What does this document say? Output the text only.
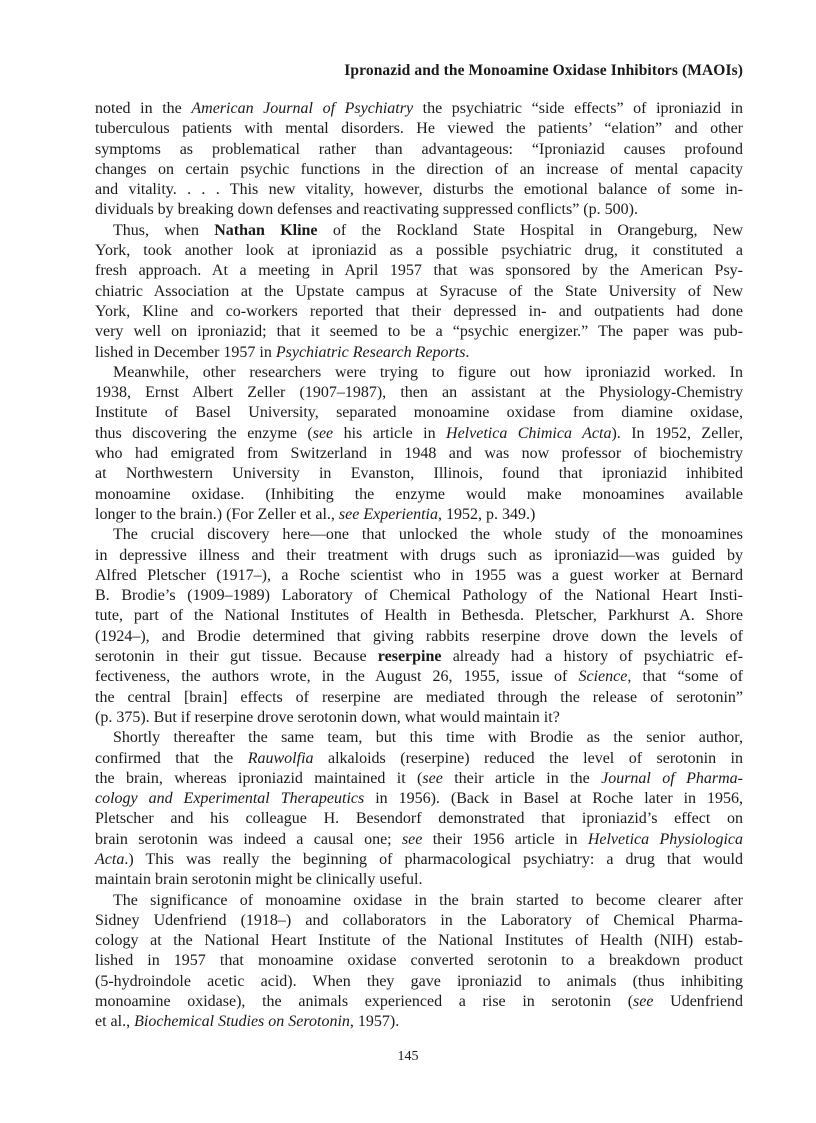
Ipronazid and the Monoamine Oxidase Inhibitors (MAOIs)
noted in the American Journal of Psychiatry the psychiatric “side effects” of iproniazid in
tuberculous patients with mental disorders. He viewed the patients’ “elation” and other
symptoms as problematical rather than advantageous: “Iproniazid causes profound
changes on certain psychic functions in the direction of an increase of mental capacity
and vitality. . . . This new vitality, however, disturbs the emotional balance of some in-
dividuals by breaking down defenses and reactivating suppressed conflicts” (p. 500).
Thus, when Nathan Kline of the Rockland State Hospital in Orangeburg, New
York, took another look at iproniazid as a possible psychiatric drug, it constituted a
fresh approach. At a meeting in April 1957 that was sponsored by the American Psy-
chiatric Association at the Upstate campus at Syracuse of the State University of New
York, Kline and co-workers reported that their depressed in- and outpatients had done
very well on iproniazid; that it seemed to be a “psychic energizer.” The paper was pub-
lished in December 1957 in Psychiatric Research Reports.
Meanwhile, other researchers were trying to figure out how iproniazid worked. In
1938, Ernst Albert Zeller (1907–1987), then an assistant at the Physiology-Chemistry
Institute of Basel University, separated monoamine oxidase from diamine oxidase,
thus discovering the enzyme (see his article in Helvetica Chimica Acta). In 1952, Zeller,
who had emigrated from Switzerland in 1948 and was now professor of biochemistry
at Northwestern University in Evanston, Illinois, found that iproniazid inhibited
monoamine oxidase. (Inhibiting the enzyme would make monoamines available
longer to the brain.) (For Zeller et al., see Experientia, 1952, p. 349.)
The crucial discovery here—one that unlocked the whole study of the monoamines
in depressive illness and their treatment with drugs such as iproniazid—was guided by
Alfred Pletscher (1917–), a Roche scientist who in 1955 was a guest worker at Bernard
B. Brodie’s (1909–1989) Laboratory of Chemical Pathology of the National Heart Insti-
tute, part of the National Institutes of Health in Bethesda. Pletscher, Parkhurst A. Shore
(1924–), and Brodie determined that giving rabbits reserpine drove down the levels of
serotonin in their gut tissue. Because reserpine already had a history of psychiatric ef-
fectiveness, the authors wrote, in the August 26, 1955, issue of Science, that “some of
the central [brain] effects of reserpine are mediated through the release of serotonin”
(p. 375). But if reserpine drove serotonin down, what would maintain it?
Shortly thereafter the same team, but this time with Brodie as the senior author,
confirmed that the Rauwolfia alkaloids (reserpine) reduced the level of serotonin in
the brain, whereas iproniazid maintained it (see their article in the Journal of Pharma-
cology and Experimental Therapeutics in 1956). (Back in Basel at Roche later in 1956,
Pletscher and his colleague H. Besendorf demonstrated that iproniazid’s effect on
brain serotonin was indeed a causal one; see their 1956 article in Helvetica Physiologica
Acta.) This was really the beginning of pharmacological psychiatry: a drug that would
maintain brain serotonin might be clinically useful.
The significance of monoamine oxidase in the brain started to become clearer after
Sidney Udenfriend (1918–) and collaborators in the Laboratory of Chemical Pharma-
cology at the National Heart Institute of the National Institutes of Health (NIH) estab-
lished in 1957 that monoamine oxidase converted serotonin to a breakdown product
(5-hydroindole acetic acid). When they gave iproniazid to animals (thus inhibiting
monoamine oxidase), the animals experienced a rise in serotonin (see Udenfriend
et al., Biochemical Studies on Serotonin, 1957).
145
